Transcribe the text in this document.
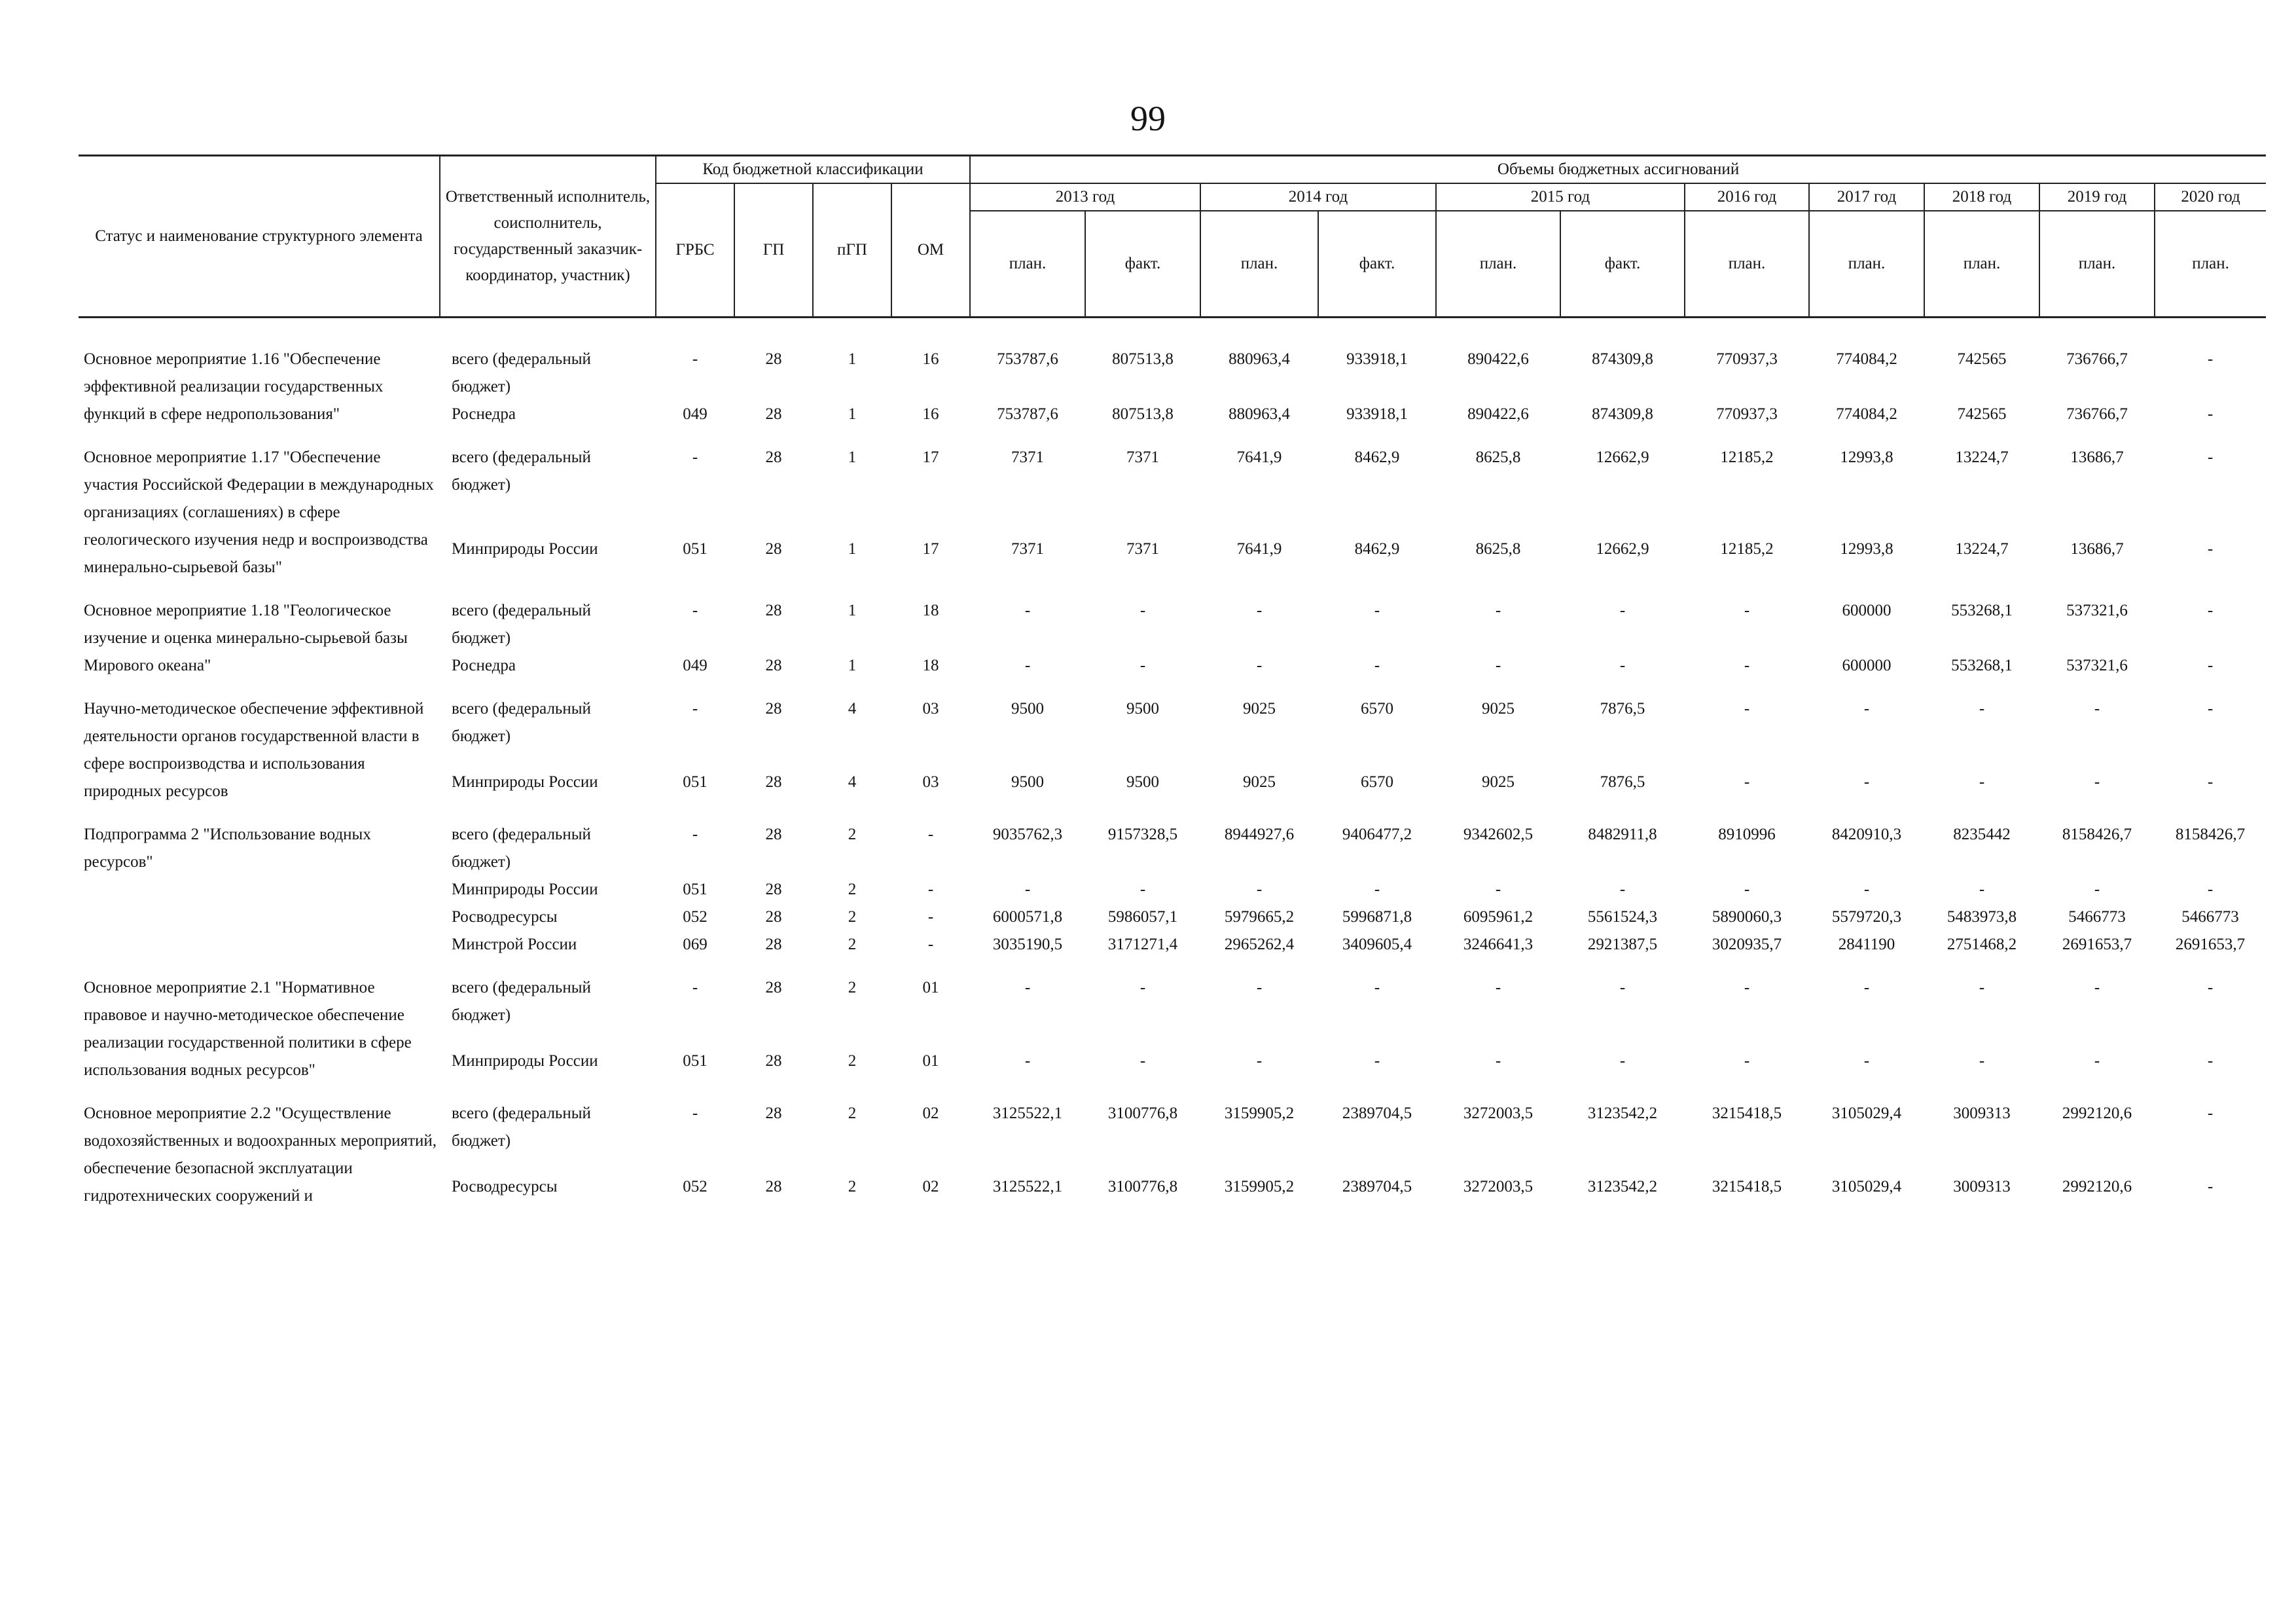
99
Статус и наименование структурного элемента	Ответственный исполнитель, соисполнитель, государственный заказчик-координатор, участник)	Код бюджетной классификации				Объемы бюджетных ассигнований										
		ГРБС	ГП	пГП	ОМ	2013 год		2014 год		2015 год		2016 год	2017 год	2018 год	2019 год	2020 год
						план.	факт.	план.	факт.	план.	факт.	план.	план.	план.	план.	план.
Основное мероприятие 1.16 "Обеспечение эффективной реализации государственных функций в сфере недропользования"	всего (федеральный бюджет)	-	28	1	16	753787,6	807513,8	880963,4	933918,1	890422,6	874309,8	770937,3	774084,2	742565	736766,7	-
	Роснедра	049	28	1	16	753787,6	807513,8	880963,4	933918,1	890422,6	874309,8	770937,3	774084,2	742565	736766,7	-

Основное мероприятие 1.17 "Обеспечение участия Российской Федерации в международных организациях (соглашениях) в сфере геологического изучения недр и воспроизводства минерально-сырьевой базы"	всего (федеральный бюджет)	-	28	1	17	7371	7371	7641,9	8462,9	8625,8	12662,9	12185,2	12993,8	13224,7	13686,7	-
	Минприроды России	051	28	1	17	7371	7371	7641,9	8462,9	8625,8	12662,9	12185,2	12993,8	13224,7	13686,7	-

Основное мероприятие 1.18 "Геологическое изучение и оценка минерально-сырьевой базы Мирового океана"	всего (федеральный бюджет)	-	28	1	18	-	-	-	-	-	-	-	600000	553268,1	537321,6	-
	Роснедра	049	28	1	18	-	-	-	-	-	-	-	600000	553268,1	537321,6	-

Научно-методическое обеспечение эффективной деятельности органов государственной власти в сфере воспроизводства и использования природных ресурсов	всего (федеральный бюджет)	-	28	4	03	9500	9500	9025	6570	9025	7876,5	-	-	-	-	-
	Минприроды России	051	28	4	03	9500	9500	9025	6570	9025	7876,5	-	-	-	-	-

Подпрограмма 2 "Использование водных ресурсов"	всего (федеральный бюджет)	-	28	2	-	9035762,3	9157328,5	8944927,6	9406477,2	9342602,5	8482911,8	8910996	8420910,3	8235442	8158426,7	8158426,7
	Минприроды России	051	28	2	-	-	-	-	-	-	-	-	-	-	-	-
	Росводресурсы	052	28	2	-	6000571,8	5986057,1	5979665,2	5996871,8	6095961,2	5561524,3	5890060,3	5579720,3	5483973,8	5466773	5466773
	Минстрой России	069	28	2	-	3035190,5	3171271,4	2965262,4	3409605,4	3246641,3	2921387,5	3020935,7	2841190	2751468,2	2691653,7	2691653,7

Основное мероприятие 2.1 "Нормативное правовое и научно-методическое обеспечение реализации государственной политики в сфере использования водных ресурсов"	всего (федеральный бюджет)	-	28	2	01	-	-	-	-	-	-	-	-	-	-	-
	Минприроды России	051	28	2	01	-	-	-	-	-	-	-	-	-	-	-

Основное мероприятие 2.2 "Осуществление водохозяйственных и водоохранных мероприятий, обеспечение безопасной эксплуатации гидротехнических сооружений и	всего (федеральный бюджет)	-	28	2	02	3125522,1	3100776,8	3159905,2	2389704,5	3272003,5	3123542,2	3215418,5	3105029,4	3009313	2992120,6	-
	Росводресурсы	052	28	2	02	3125522,1	3100776,8	3159905,2	2389704,5	3272003,5	3123542,2	3215418,5	3105029,4	3009313	2992120,6	-
